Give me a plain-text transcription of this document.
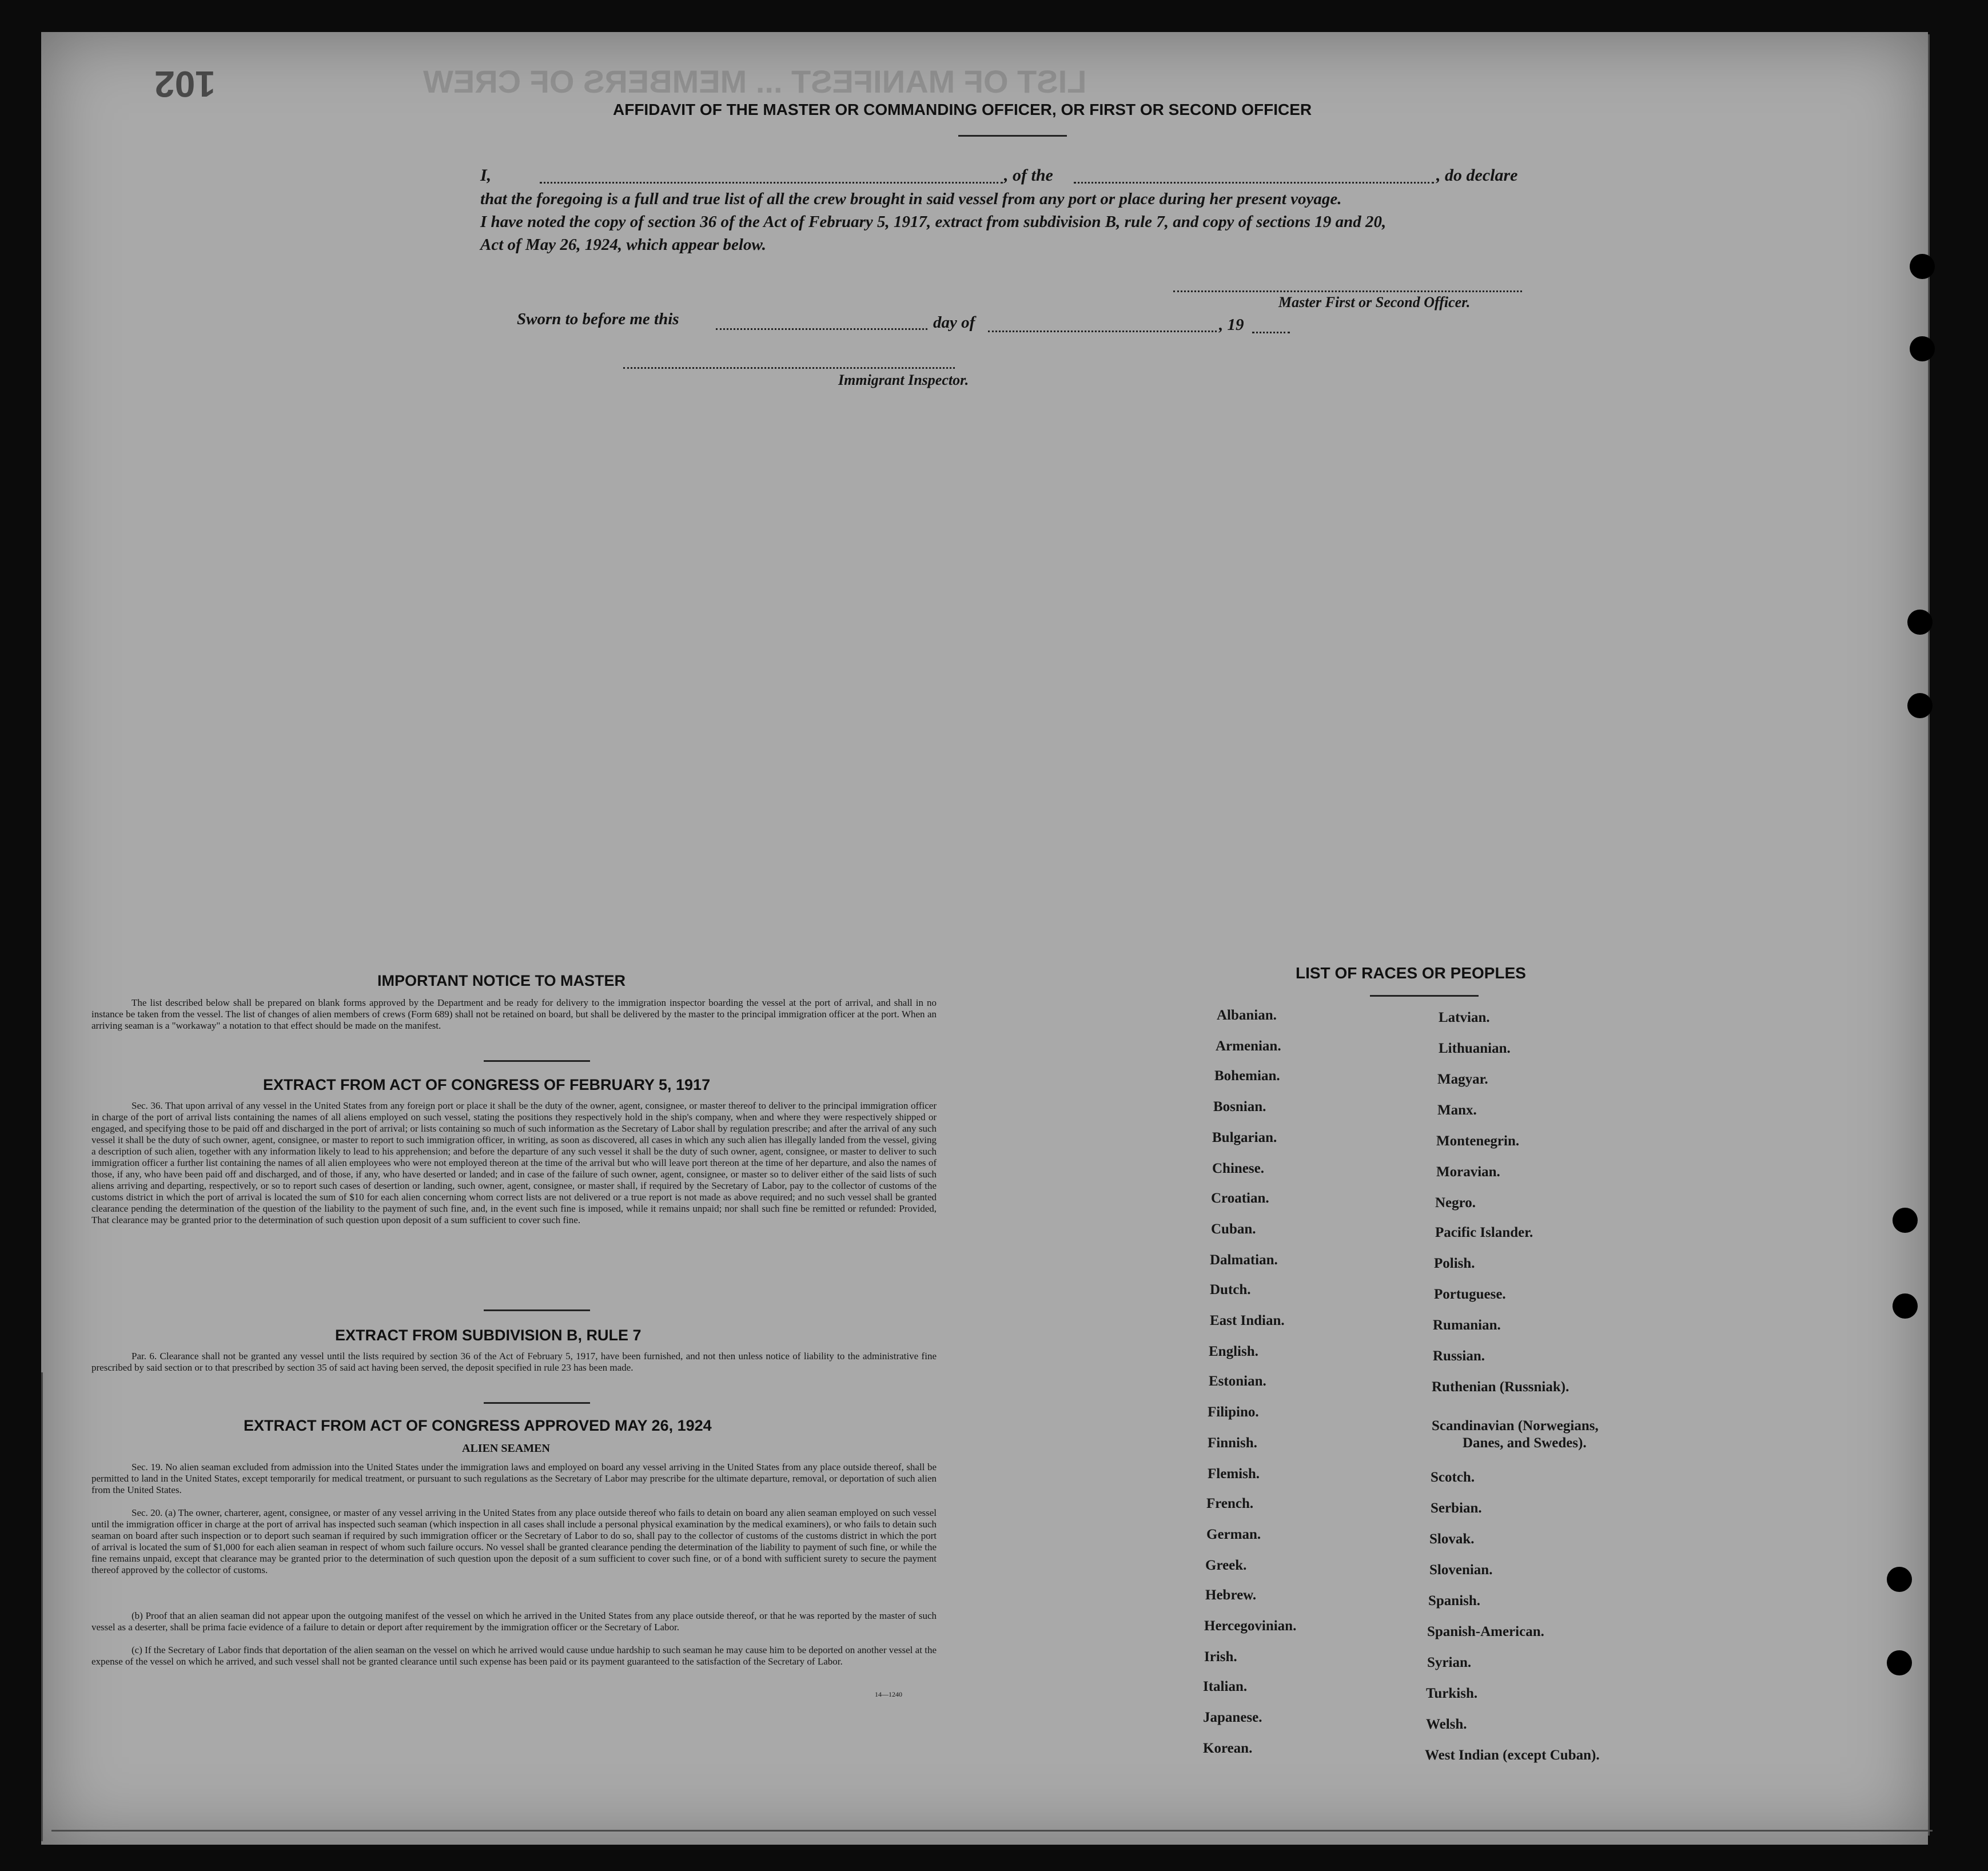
102	LIST OF MANIFEST ... MEMBERS OF CREW
AFFIDAVIT OF THE MASTER OR COMMANDING OFFICER, OR FIRST OR SECOND OFFICER
I,	, of the	, do declare
that the foregoing is a full and true list of all the crew brought in said vessel from any port or place during her present voyage.
I have noted the copy of section 36 of the Act of February 5, 1917, extract from subdivision B, rule 7, and copy of sections 19 and 20,
Act of May 26, 1924, which appear below.
Master First or Second Officer.
Sworn to before me this	day of	, 19
Immigrant Inspector.
IMPORTANT NOTICE TO MASTER
The list described below shall be prepared on blank forms approved by the Department and be ready for delivery to the immigration inspector boarding the vessel at the port of arrival, and shall in no instance be taken from the vessel. The list of changes of alien members of crews (Form 689) shall not be retained on board, but shall be delivered by the master to the principal immigration officer at the port. When an arriving seaman is a "workaway" a notation to that effect should be made on the manifest.
EXTRACT FROM ACT OF CONGRESS OF FEBRUARY 5, 1917
Sec. 36. That upon arrival of any vessel in the United States from any foreign port or place it shall be the duty of the owner, agent, consignee, or master thereof to deliver to the principal immigration officer in charge of the port of arrival lists containing the names of all aliens employed on such vessel, stating the positions they respectively hold in the ship's company, when and where they were respectively shipped or engaged, and specifying those to be paid off and discharged in the port of arrival; or lists containing so much of such information as the Secretary of Labor shall by regulation prescribe; and after the arrival of any such vessel it shall be the duty of such owner, agent, consignee, or master to report to such immigration officer, in writing, as soon as discovered, all cases in which any such alien has illegally landed from the vessel, giving a description of such alien, together with any information likely to lead to his apprehension; and before the departure of any such vessel it shall be the duty of such owner, agent, consignee, or master to deliver to such immigration officer a further list containing the names of all alien employees who were not employed thereon at the time of the arrival but who will leave port thereon at the time of her departure, and also the names of those, if any, who have been paid off and discharged, and of those, if any, who have deserted or landed; and in case of the failure of such owner, agent, consignee, or master so to deliver either of the said lists of such aliens arriving and departing, respectively, or so to report such cases of desertion or landing, such owner, agent, consignee, or master shall, if required by the Secretary of Labor, pay to the collector of customs of the customs district in which the port of arrival is located the sum of $10 for each alien concerning whom correct lists are not delivered or a true report is not made as above required; and no such vessel shall be granted clearance pending the determination of the question of the liability to the payment of such fine, and, in the event such fine is imposed, while it remains unpaid; nor shall such fine be remitted or refunded: Provided, That clearance may be granted prior to the determination of such question upon deposit of a sum sufficient to cover such fine.
EXTRACT FROM SUBDIVISION B, RULE 7
Par. 6. Clearance shall not be granted any vessel until the lists required by section 36 of the Act of February 5, 1917, have been furnished, and not then unless notice of liability to the administrative fine prescribed by said section or to that prescribed by section 35 of said act having been served, the deposit specified in rule 23 has been made.
EXTRACT FROM ACT OF CONGRESS APPROVED MAY 26, 1924
ALIEN SEAMEN
Sec. 19. No alien seaman excluded from admission into the United States under the immigration laws and employed on board any vessel arriving in the United States from any place outside thereof, shall be permitted to land in the United States, except temporarily for medical treatment, or pursuant to such regulations as the Secretary of Labor may prescribe for the ultimate departure, removal, or deportation of such alien from the United States.
Sec. 20. (a) The owner, charterer, agent, consignee, or master of any vessel arriving in the United States from any place outside thereof who fails to detain on board any alien seaman employed on such vessel until the immigration officer in charge at the port of arrival has inspected such seaman (which inspection in all cases shall include a personal physical examination by the medical examiners), or who fails to detain such seaman on board after such inspection or to deport such seaman if required by such immigration officer or the Secretary of Labor to do so, shall pay to the collector of customs of the customs district in which the port of arrival is located the sum of $1,000 for each alien seaman in respect of whom such failure occurs. No vessel shall be granted clearance pending the determination of the liability to payment of such fine, or while the fine remains unpaid, except that clearance may be granted prior to the determination of such question upon the deposit of a sum sufficient to cover such fine, or of a bond with sufficient surety to secure the payment thereof approved by the collector of customs.
(b) Proof that an alien seaman did not appear upon the outgoing manifest of the vessel on which he arrived in the United States from any place outside thereof, or that he was reported by the master of such vessel as a deserter, shall be prima facie evidence of a failure to detain or deport after requirement by the immigration officer or the Secretary of Labor.
(c) If the Secretary of Labor finds that deportation of the alien seaman on the vessel on which he arrived would cause undue hardship to such seaman he may cause him to be deported on another vessel at the expense of the vessel on which he arrived, and such vessel shall not be granted clearance until such expense has been paid or its payment guaranteed to the satisfaction of the Secretary of Labor.
14—1240
LIST OF RACES OR PEOPLES
Albanian.
Armenian.
Bohemian.
Bosnian.
Bulgarian.
Chinese.
Croatian.
Cuban.
Dalmatian.
Dutch.
East Indian.
English.
Estonian.
Filipino.
Finnish.
Flemish.
French.
German.
Greek.
Hebrew.
Hercegovinian.
Irish.
Italian.
Japanese.
Korean.
Latvian.
Lithuanian.
Magyar.
Manx.
Montenegrin.
Moravian.
Negro.
Pacific Islander.
Polish.
Portuguese.
Rumanian.
Russian.
Ruthenian (Russniak).
Scandinavian (Norwegians,
Danes, and Swedes).
Scotch.
Serbian.
Slovak.
Slovenian.
Spanish.
Spanish-American.
Syrian.
Turkish.
Welsh.
West Indian (except Cuban).
